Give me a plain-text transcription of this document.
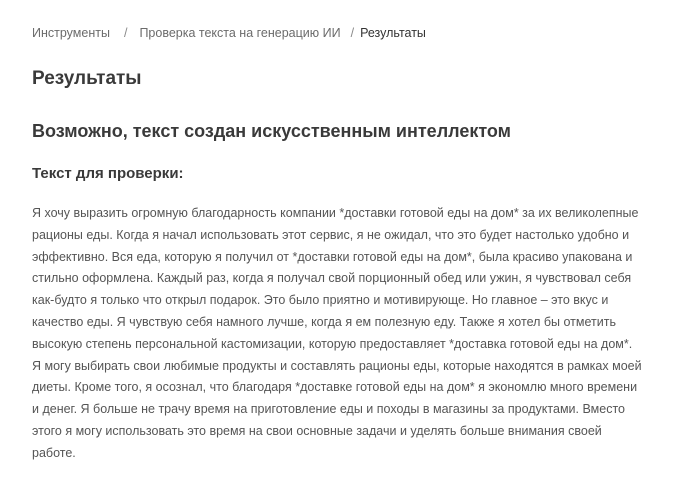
Инструменты / Проверка текста на генерацию ИИ / Результаты
Результаты
Возможно, текст создан искусственным интеллектом
Текст для проверки:

Я хочу выразить огромную благодарность компании *доставки готовой еды на дом* за их великолепные рационы еды. Когда я начал использовать этот сервис, я не ожидал, что это будет настолько удобно и эффективно. Вся еда, которую я получил от *доставки готовой еды на дом*, была красиво упакована и стильно оформлена. Каждый раз, когда я получал свой порционный обед или ужин, я чувствовал себя как-будто я только что открыл подарок. Это было приятно и мотивирующе. Но главное – это вкус и качество еды. Я чувствую себя намного лучше, когда я ем полезную еду. Также я хотел бы отметить высокую степень персональной кастомизации, которую предоставляет *доставка готовой еды на дом*. Я могу выбирать свои любимые продукты и составлять рационы еды, которые находятся в рамках моей диеты. Кроме того, я осознал, что благодаря *доставке готовой еды на дом* я экономлю много времени и денег. Я больше не трачу время на приготовление еды и походы в магазины за продуктами. Вместо этого я могу использовать это время на свои основные задачи и уделять больше внимания своей работе.
